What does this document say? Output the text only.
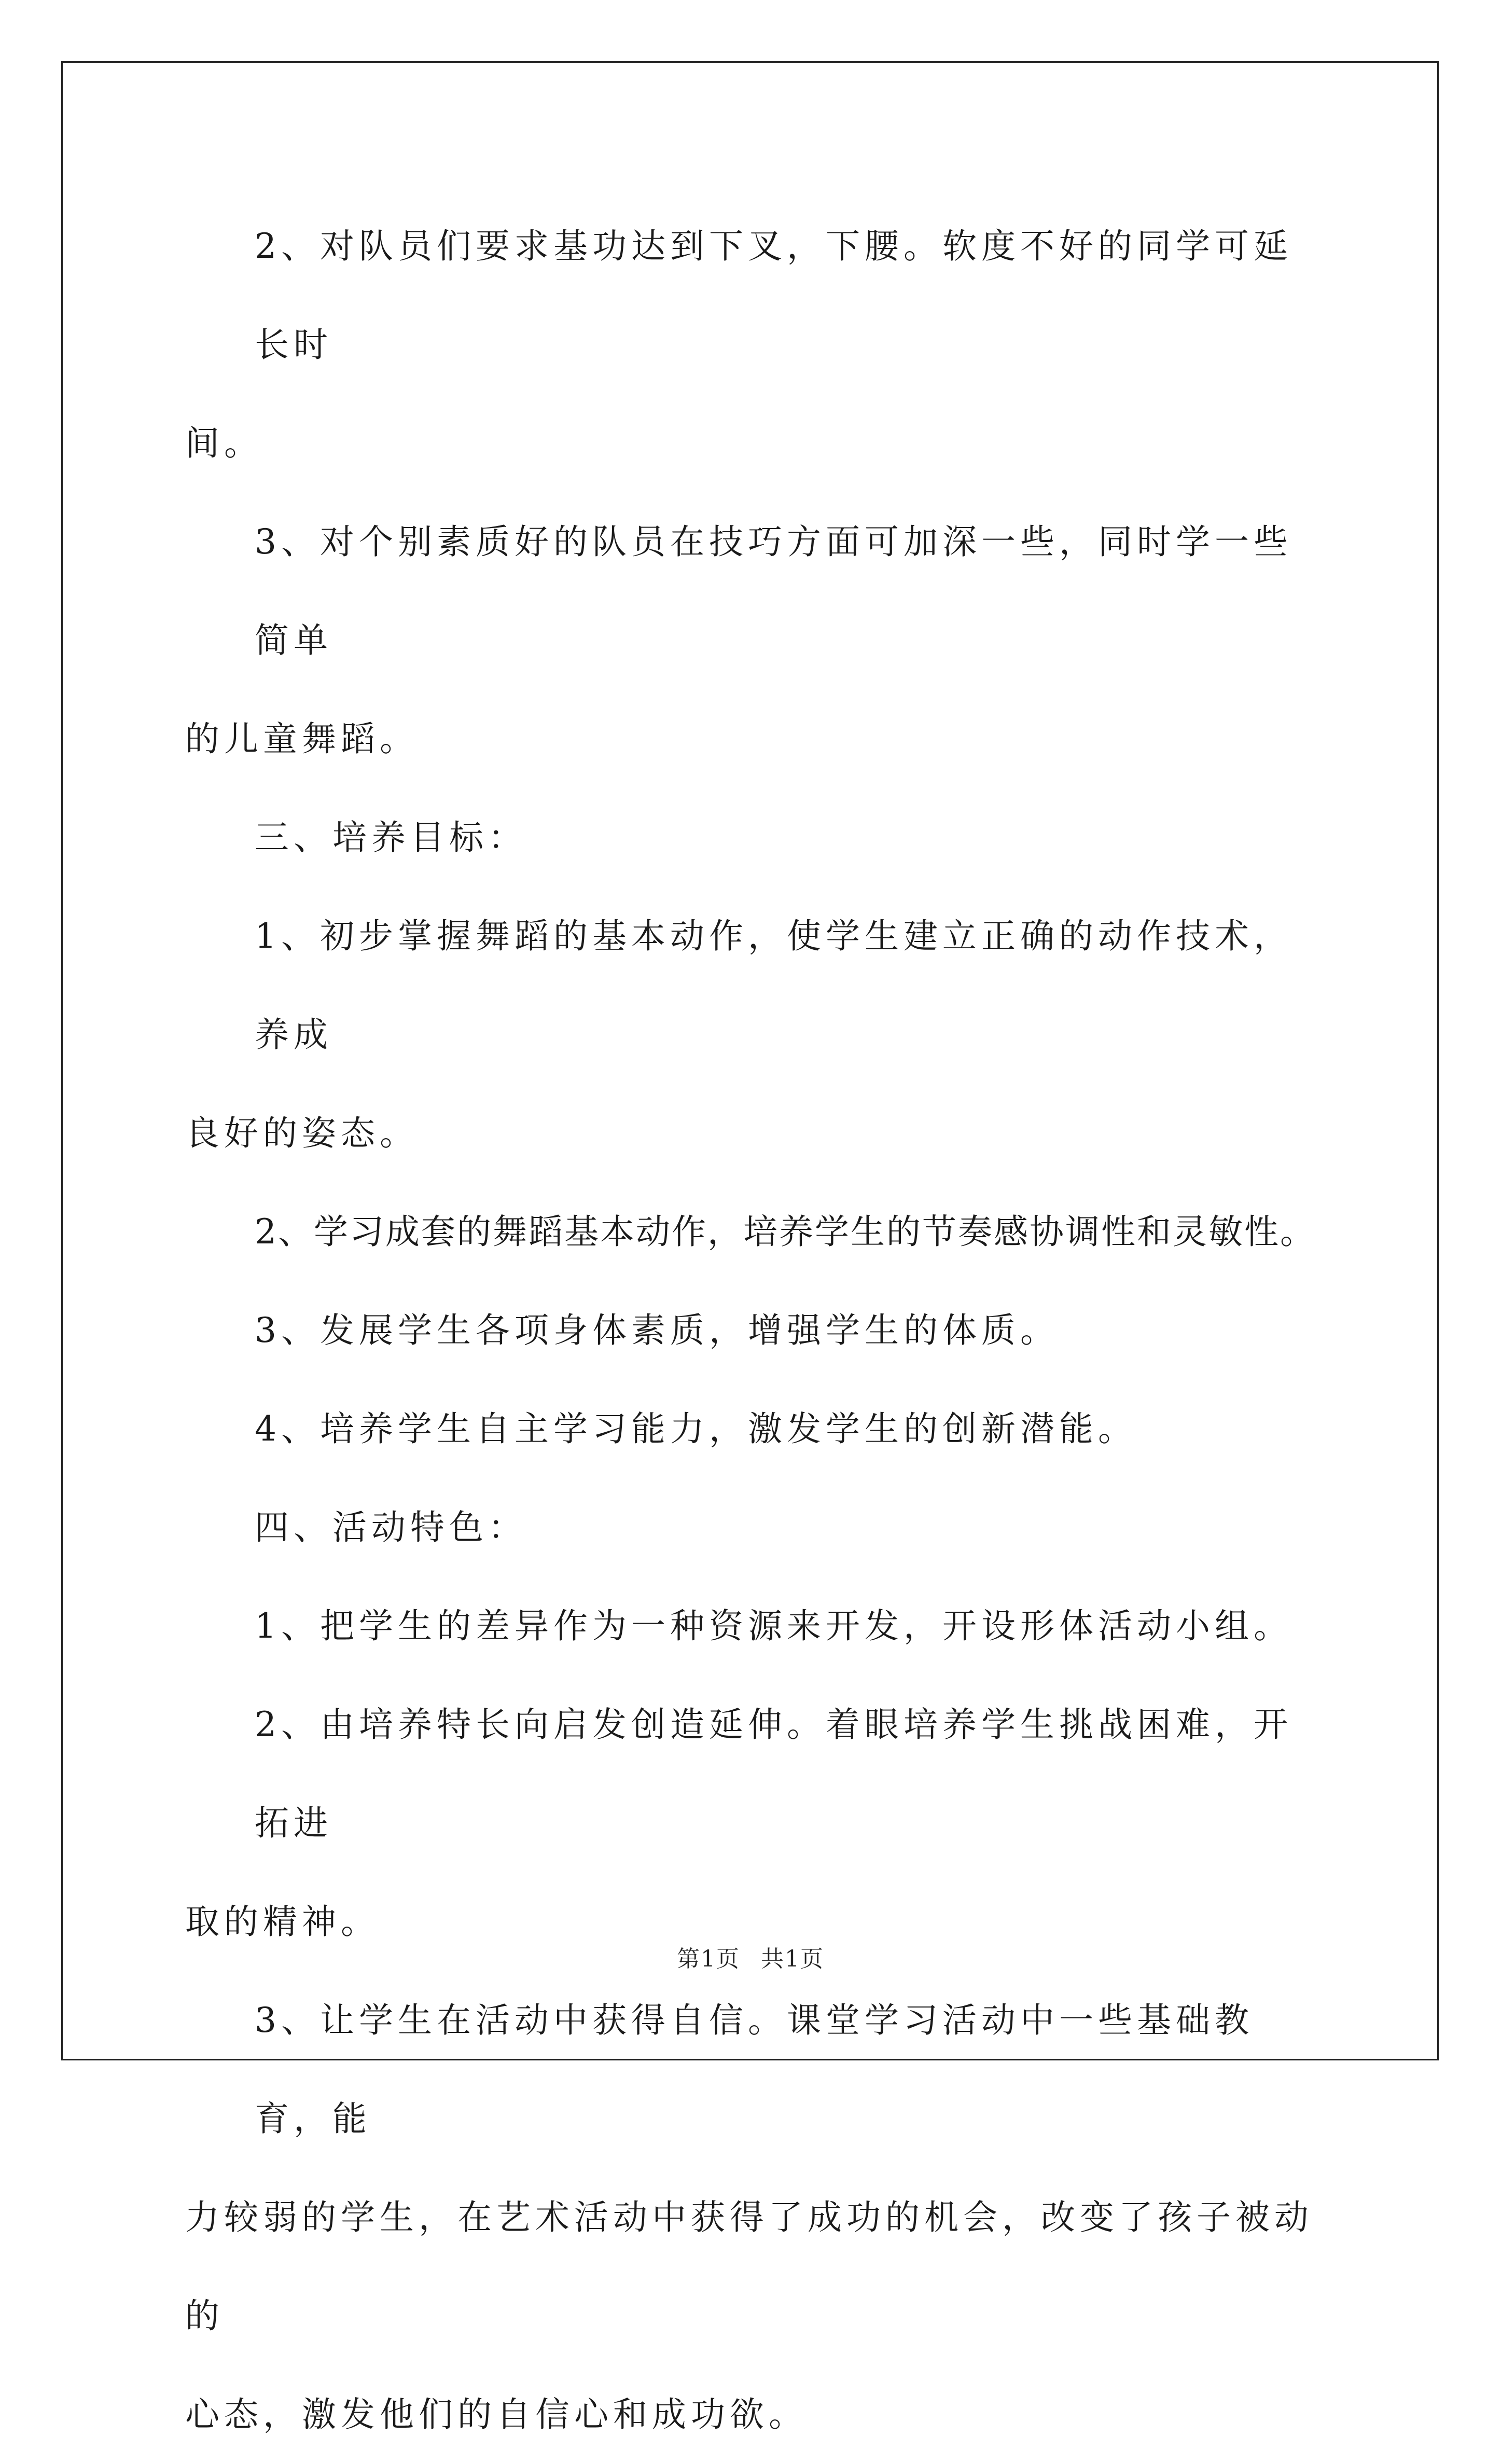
2、对队员们要求基功达到下叉，下腰。软度不好的同学可延长时
间。

3、对个别素质好的队员在技巧方面可加深一些，同时学一些简单
的儿童舞蹈。

三、培养目标：

1、初步掌握舞蹈的基本动作，使学生建立正确的动作技术，养成
良好的姿态。

2、学习成套的舞蹈基本动作，培养学生的节奏感协调性和灵敏性。

3、发展学生各项身体素质，增强学生的体质。

4、培养学生自主学习能力，激发学生的创新潜能。

四、活动特色：

1、把学生的差异作为一种资源来开发，开设形体活动小组。

2、由培养特长向启发创造延伸。着眼培养学生挑战困难，开拓进
取的精神。

3、让学生在活动中获得自信。课堂学习活动中一些基础教育，能
力较弱的学生，在艺术活动中获得了成功的机会，改变了孩子被动的
心态，激发他们的自信心和成功欲。

第1页 共1页
